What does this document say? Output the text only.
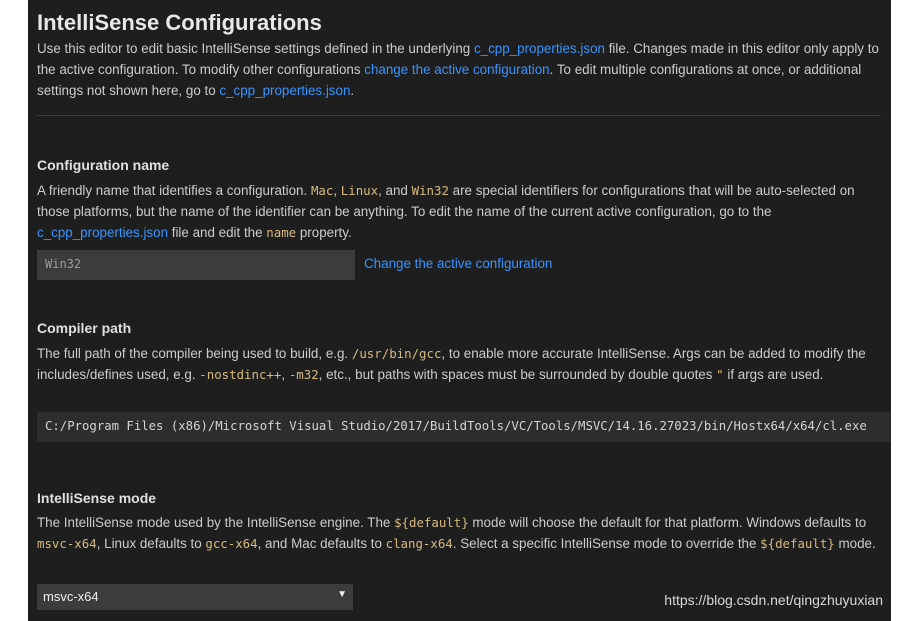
IntelliSense Configurations
Use this editor to edit basic IntelliSense settings defined in the underlying c_cpp_properties.json file. Changes made in this editor only apply to the active configuration. To modify other configurations change the active configuration. To edit multiple configurations at once, or additional settings not shown here, go to c_cpp_properties.json.
Configuration name
A friendly name that identifies a configuration. Mac, Linux, and Win32 are special identifiers for configurations that will be auto-selected on those platforms, but the name of the identifier can be anything. To edit the name of the current active configuration, go to the c_cpp_properties.json file and edit the name property.
Win32	Change the active configuration
Compiler path
The full path of the compiler being used to build, e.g. /usr/bin/gcc, to enable more accurate IntelliSense. Args can be added to modify the includes/defines used, e.g. -nostdinc++, -m32, etc., but paths with spaces must be surrounded by double quotes " if args are used.
C:/Program Files (x86)/Microsoft Visual Studio/2017/BuildTools/VC/Tools/MSVC/14.16.27023/bin/Hostx64/x64/cl.exe
IntelliSense mode
The IntelliSense mode used by the IntelliSense engine. The ${default} mode will choose the default for that platform. Windows defaults to msvc-x64, Linux defaults to gcc-x64, and Mac defaults to clang-x64. Select a specific IntelliSense mode to override the ${default} mode.
msvc-x64	▼	https://blog.csdn.net/qingzhuyuxian
